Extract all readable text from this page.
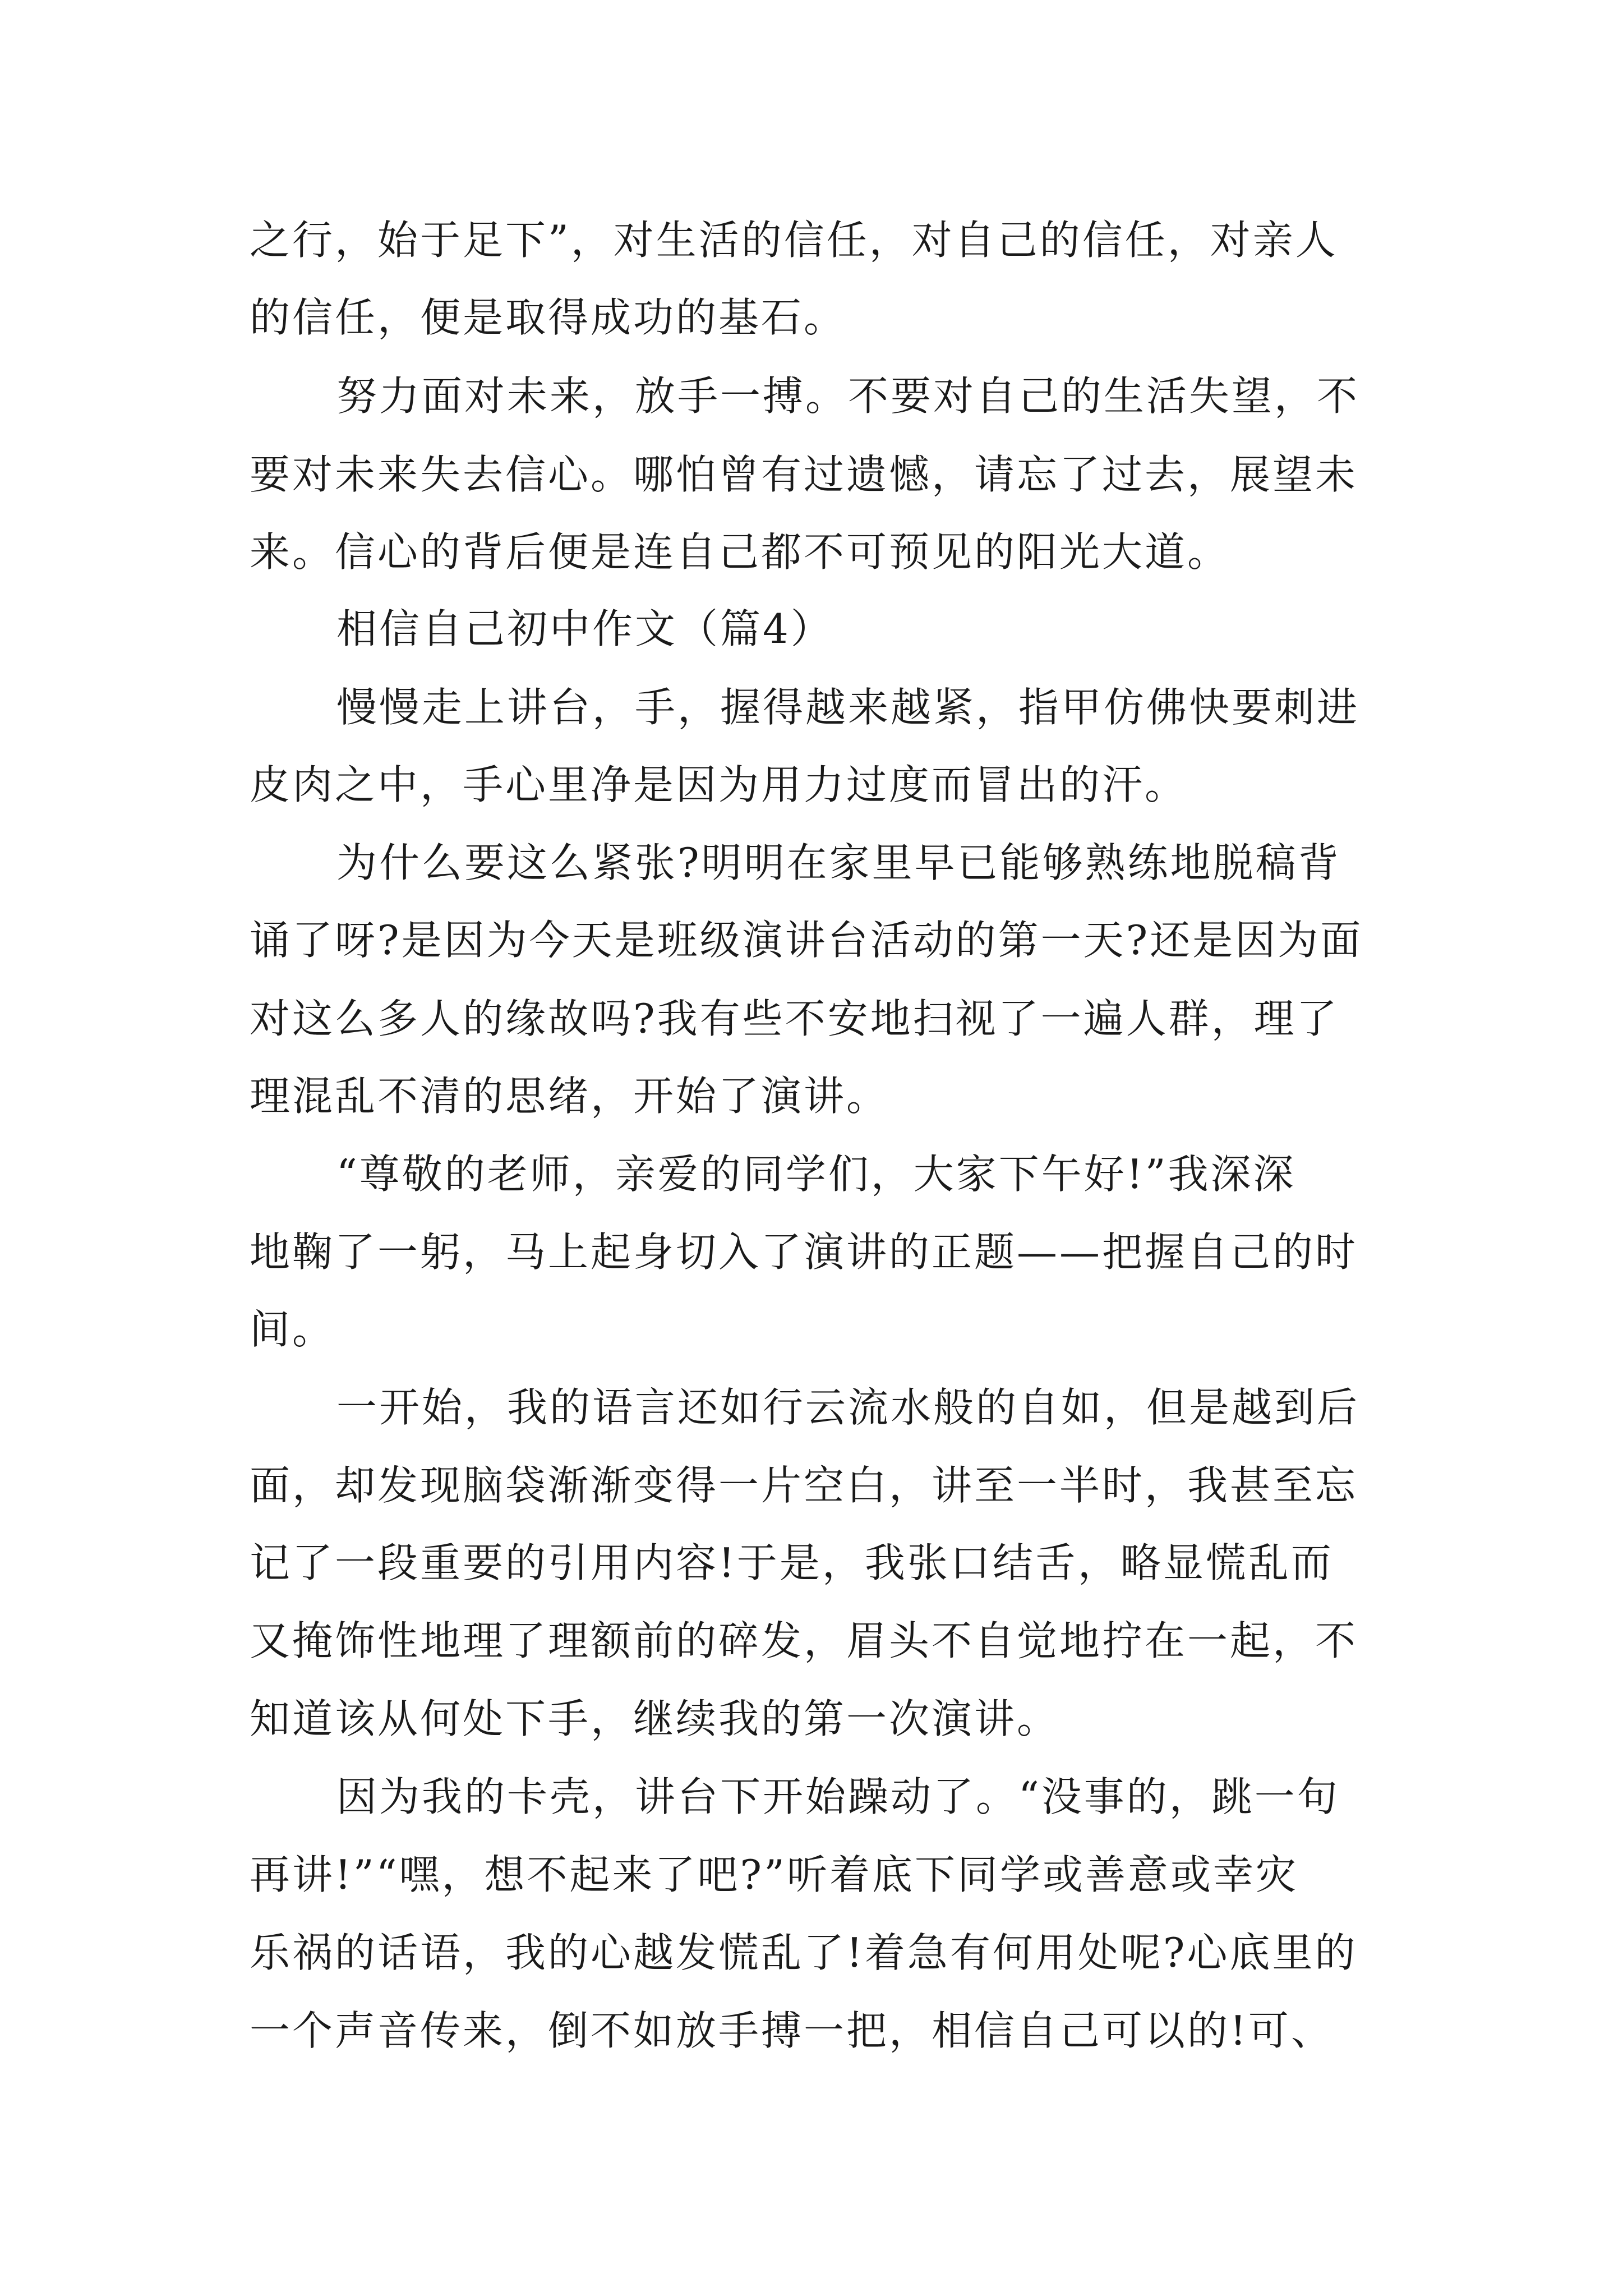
之行，始于足下”，对生活的信任，对自己的信任，对亲人
的信任，便是取得成功的基石。
努力面对未来，放手一搏。不要对自己的生活失望，不
要对未来失去信心。哪怕曾有过遗憾，请忘了过去，展望未
来。信心的背后便是连自己都不可预见的阳光大道。
相信自己初中作文（篇4）
慢慢走上讲台，手，握得越来越紧，指甲仿佛快要刺进
皮肉之中，手心里净是因为用力过度而冒出的汗。
为什么要这么紧张?明明在家里早已能够熟练地脱稿背
诵了呀?是因为今天是班级演讲台活动的第一天?还是因为面
对这么多人的缘故吗?我有些不安地扫视了一遍人群，理了
理混乱不清的思绪，开始了演讲。
“尊敬的老师，亲爱的同学们，大家下午好!”我深深
地鞠了一躬，马上起身切入了演讲的正题——把握自己的时
间。
一开始，我的语言还如行云流水般的自如，但是越到后
面，却发现脑袋渐渐变得一片空白，讲至一半时，我甚至忘
记了一段重要的引用内容!于是，我张口结舌，略显慌乱而
又掩饰性地理了理额前的碎发，眉头不自觉地拧在一起，不
知道该从何处下手，继续我的第一次演讲。
因为我的卡壳，讲台下开始躁动了。“没事的，跳一句
再讲!”“嘿，想不起来了吧?”听着底下同学或善意或幸灾
乐祸的话语，我的心越发慌乱了!着急有何用处呢?心底里的
一个声音传来，倒不如放手搏一把，相信自己可以的!可、
